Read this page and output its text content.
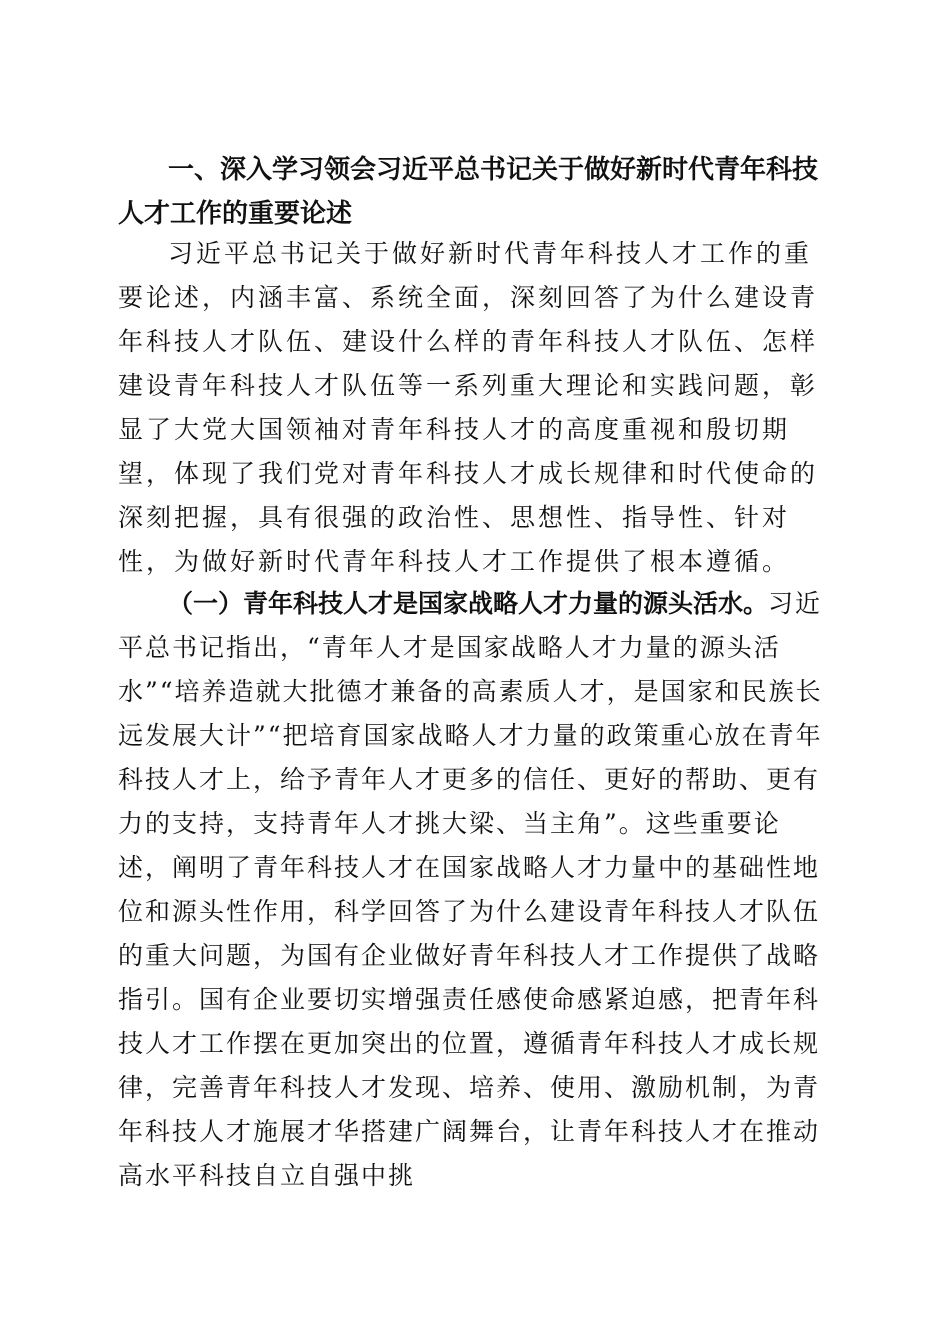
一、深入学习领会习近平总书记关于做好新时代青年科技人才工作的重要论述
习近平总书记关于做好新时代青年科技人才工作的重要论述，内涵丰富、系统全面，深刻回答了为什么建设青年科技人才队伍、建设什么样的青年科技人才队伍、怎样建设青年科技人才队伍等一系列重大理论和实践问题，彰显了大党大国领袖对青年科技人才的高度重视和殷切期望，体现了我们党对青年科技人才成长规律和时代使命的深刻把握，具有很强的政治性、思想性、指导性、针对性，为做好新时代青年科技人才工作提供了根本遵循。
（一）青年科技人才是国家战略人才力量的源头活水。习近平总书记指出，“青年人才是国家战略人才力量的源头活水”“培养造就大批德才兼备的高素质人才，是国家和民族长远发展大计”“把培育国家战略人才力量的政策重心放在青年科技人才上，给予青年人才更多的信任、更好的帮助、更有力的支持，支持青年人才挑大梁、当主角”。这些重要论述，阐明了青年科技人才在国家战略人才力量中的基础性地位和源头性作用，科学回答了为什么建设青年科技人才队伍的重大问题，为国有企业做好青年科技人才工作提供了战略指引。国有企业要切实增强责任感使命感紧迫感，把青年科技人才工作摆在更加突出的位置，遵循青年科技人才成长规律，完善青年科技人才发现、培养、使用、激励机制，为青年科技人才施展才华搭建广阔舞台，让青年科技人才在推动高水平科技自立自强中挑
